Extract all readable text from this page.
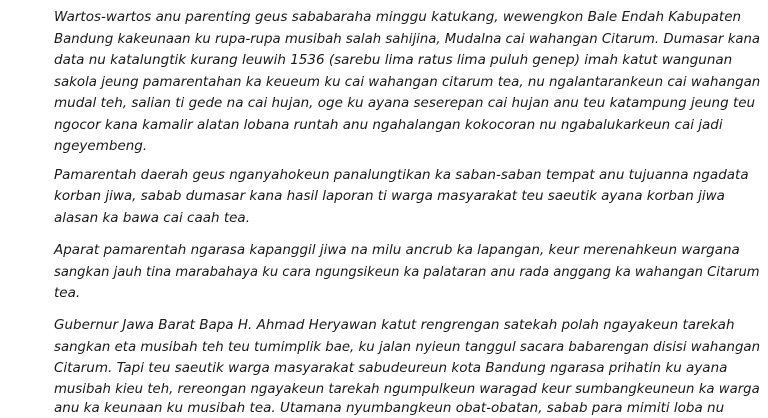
Wartos-wartos anu parenting geus sababaraha minggu katukang, wewengkon Bale Endah Kabupaten
Bandung kakeunaan ku rupa-rupa musibah salah sahijina, Mudalna cai wahangan Citarum. Dumasar kana
data nu katalungtik kurang leuwih 1536 (sarebu lima ratus lima puluh genep) imah katut wangunan
sakola jeung pamarentahan ka keueum ku cai wahangan citarum tea, nu ngalantarankeun cai wahangan
mudal teh, salian ti gede na cai hujan, oge ku ayana seserepan cai hujan anu teu katampung jeung teu
ngocor kana kamalir alatan lobana runtah anu ngahalangan kokocoran nu ngabalukarkeun cai jadi
ngeyembeng.
Pamarentah daerah geus nganyahokeun panalungtikan ka saban-saban tempat anu tujuanna ngadata
korban jiwa, sabab dumasar kana hasil laporan ti warga masyarakat teu saeutik ayana korban jiwa
alasan ka bawa cai caah tea.
Aparat pamarentah ngarasa kapanggil jiwa na milu ancrub ka lapangan, keur merenahkeun wargana
sangkan jauh tina marabahaya ku cara ngungsikeun ka palataran anu rada anggang ka wahangan Citarum
tea.
Gubernur Jawa Barat Bapa H. Ahmad Heryawan katut rengrengan satekah polah ngayakeun tarekah
sangkan eta musibah teh teu tumimplik bae, ku jalan nyieun tanggul sacara babarengan disisi wahangan
Citarum. Tapi teu saeutik warga masyarakat sabudeureun kota Bandung ngarasa prihatin ku ayana
musibah kieu teh, rereongan ngayakeun tarekah ngumpulkeun waragad keur sumbangkeuneun ka warga
anu ka keunaan ku musibah tea. Utamana nyumbangkeun obat-obatan, sabab para mimiti loba nu
